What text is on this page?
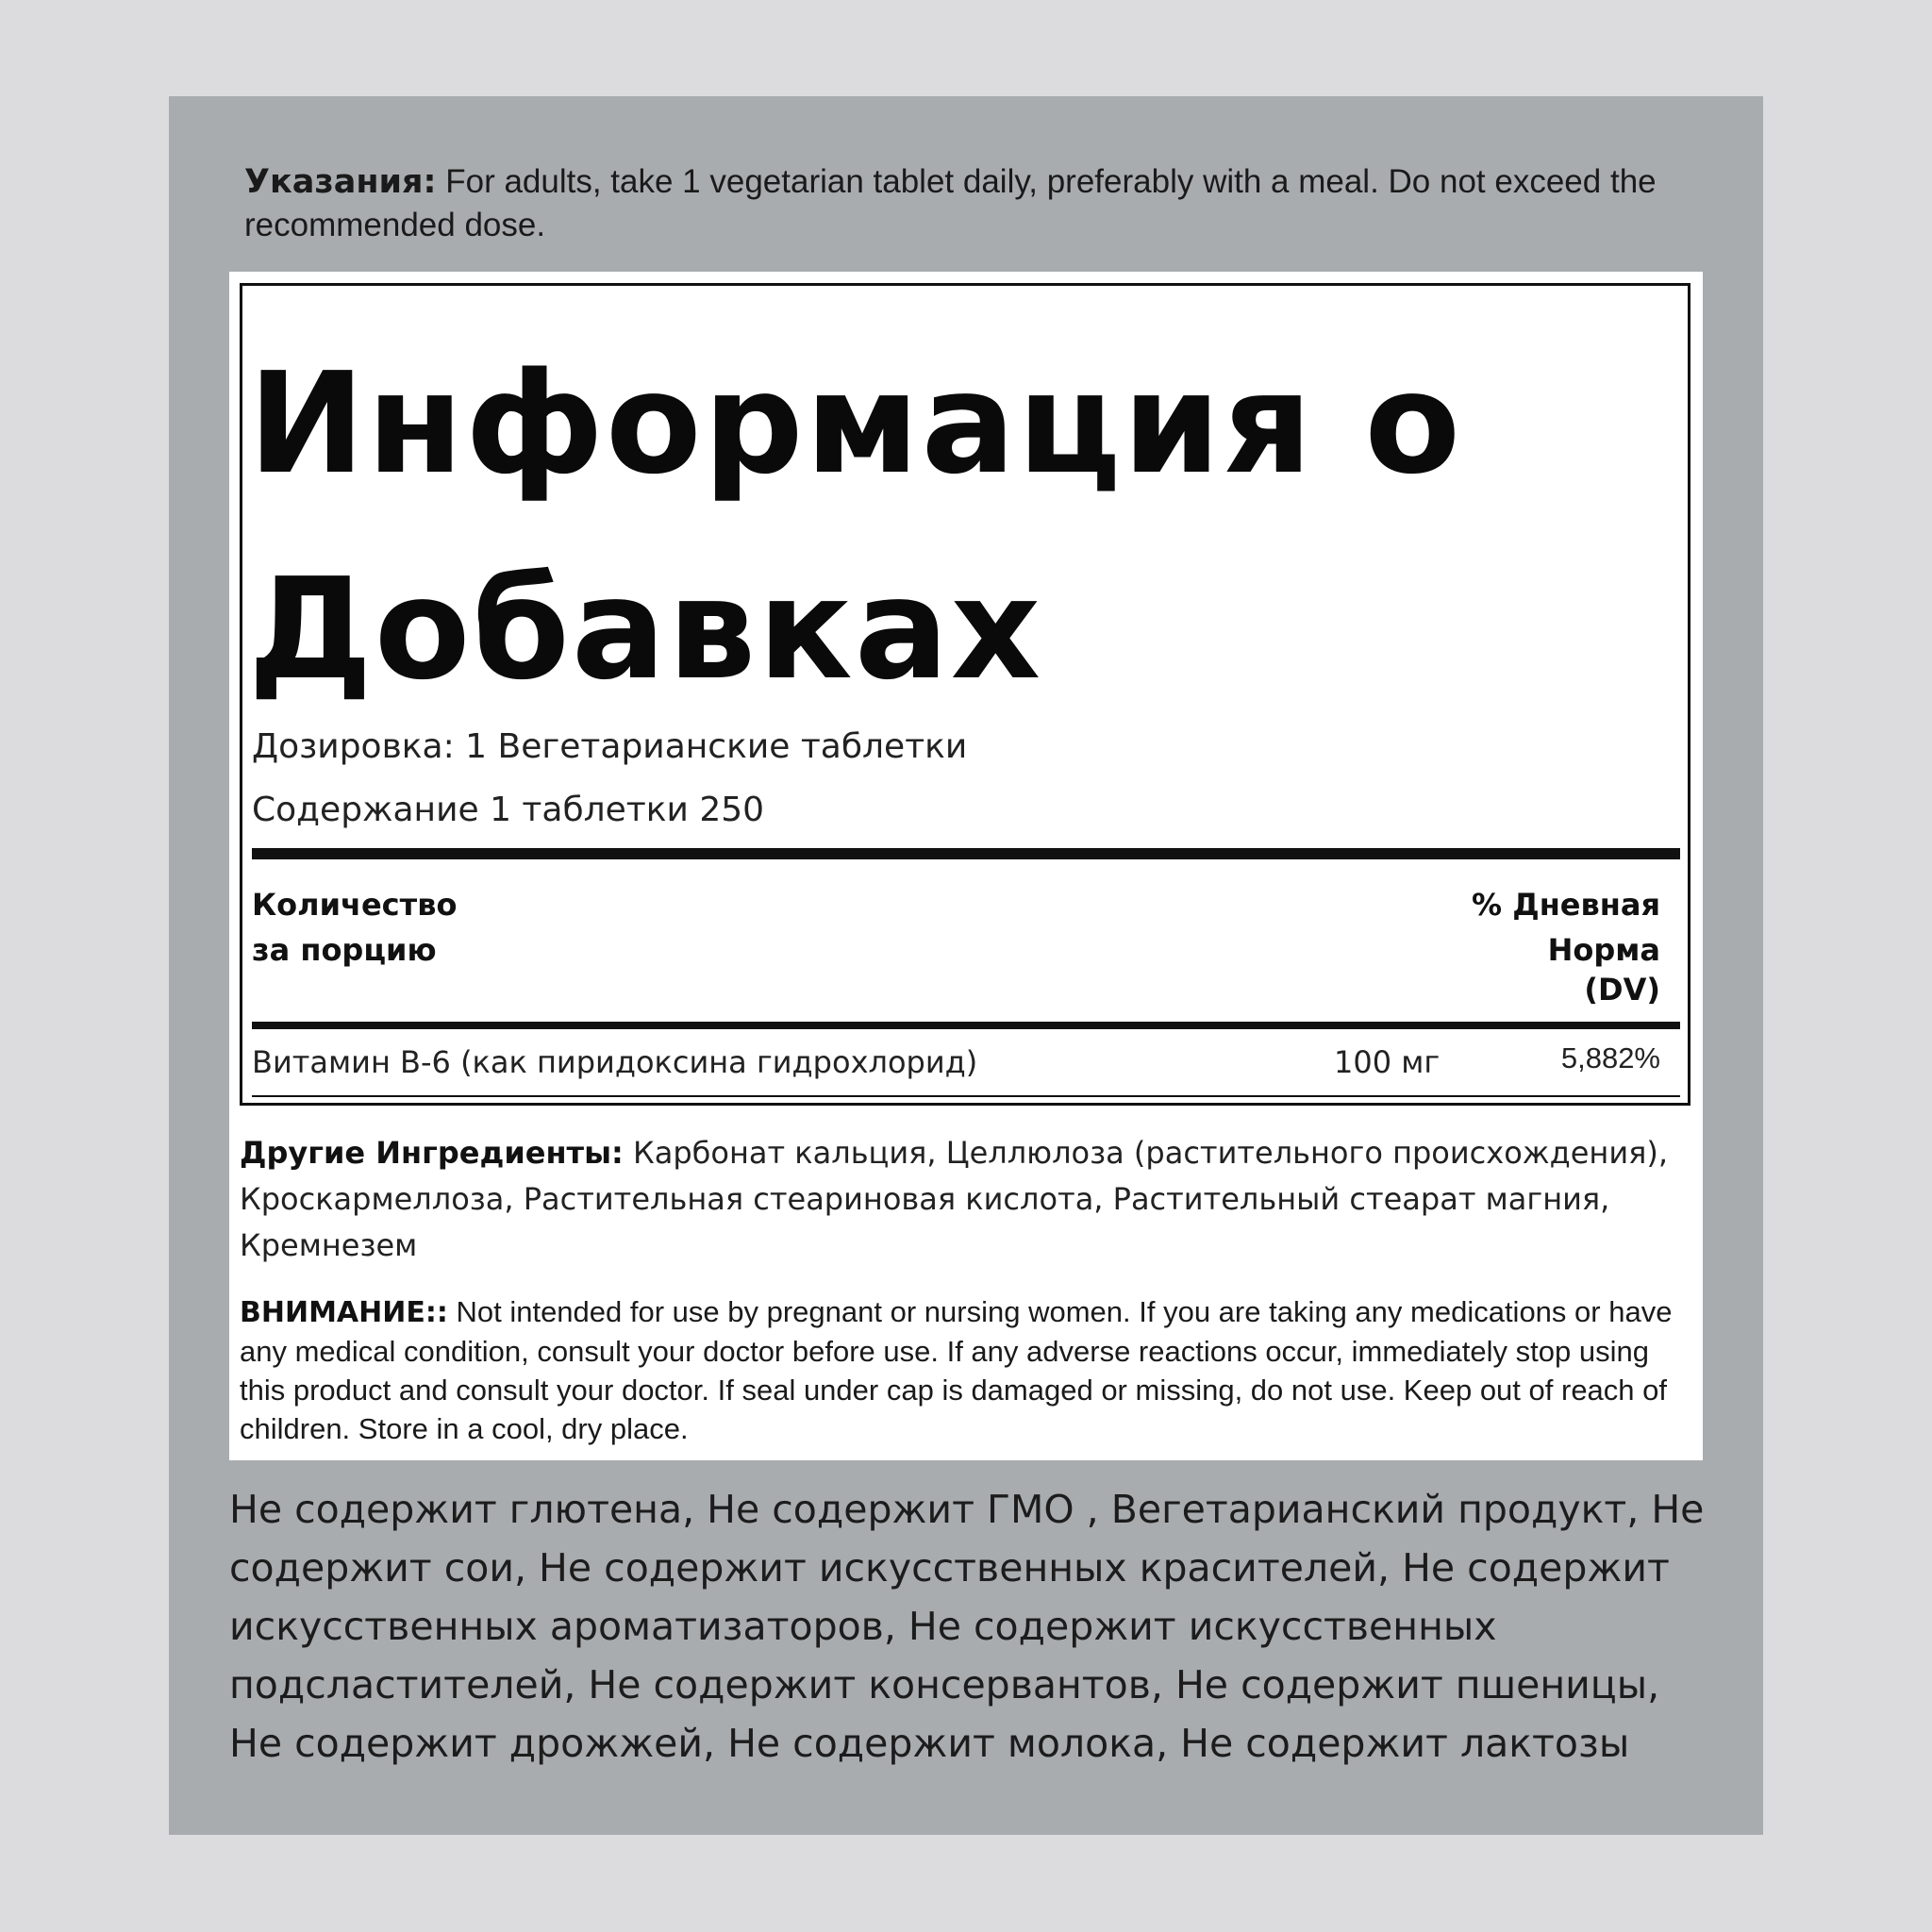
Указания: For adults, take 1 vegetarian tablet daily, preferably with a meal. Do not exceed the recommended dose.
Информация о Добавках
Дозировка: 1 Вегетарианские таблетки
Содержание 1 таблетки 250
Количество
за порцию
% Дневная
Норма
(DV)
Витамин B-6 (как пиридоксина гидрохлорид)	100 мг	5,882%
Другие Ингредиенты: Карбонат кальция, Целлюлоза (растительного происхождения), Кроскармеллоза, Растительная стеариновая кислота, Растительный стеарат магния, Кремнезем
ВНИМАНИЕ:: Not intended for use by pregnant or nursing women. If you are taking any medications or have any medical condition, consult your doctor before use. If any adverse reactions occur, immediately stop using this product and consult your doctor. If seal under cap is damaged or missing, do not use. Keep out of reach of children. Store in a cool, dry place.
Не содержит глютена, Не содержит ГМО , Вегетарианский продукт, Не содержит сои, Не содержит искусственных красителей, Не содержит искусственных ароматизаторов, Не содержит искусственных подсластителей, Не содержит консервантов, Не содержит пшеницы, Не содержит дрожжей, Не содержит молока, Не содержит лактозы
